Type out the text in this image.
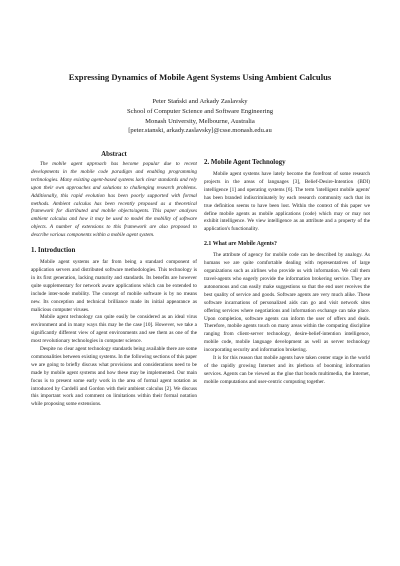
Expressing Dynamics of Mobile Agent Systems Using Ambient Calculus
Peter Stański and Arkady Zaslavsky
School of Computer Science and Software Engineering
Monash University, Melbourne, Australia
[peter.stanski, arkady.zaslavsky]@csse.monash.edu.au
Abstract

The mobile agent approach has become popular due to recent developments in the mobile code paradigm and enabling programming technologies. Many existing agent-based systems lack clear standards and rely upon their own approaches and solutions to challenging research problems. Additionally, this rapid evolution has been poorly supported with formal methods. Ambient calculus has been recently proposed as a theoretical framework for distributed and mobile objects/agents. This paper analyses ambient calculus and how it may be used to model the mobility of software objects. A number of extensions to this framework are also proposed to describe various components within a mobile agent system.

1. Introduction

Mobile agent systems are far from being a standard component of application servers and distributed software methodologies. This technology is in its first generation, lacking maturity and standards. Its benefits are however quite supplementary for network aware applications which can be extended to include inter-node mobility. The concept of mobile software is by no means new. Its conception and technical brilliance made its initial appearance as malicious computer viruses.

Mobile agent technology can quite easily be considered as an ideal virus environment and in many ways this may be the case [10]. However, we take a significantly different view of agent environments and see them as one of the most revolutionary technologies in computer science.

Despite no clear agent technology standards being available there are some commonalities between existing systems. In the following sections of this paper we are going to briefly discuss what provisions and considerations need to be made by mobile agent systems and how these may be implemented. Our main focus is to present some early work in the area of formal agent notation as introduced by Cardelli and Gordon with their ambient calculus [2]. We discuss this important work and comment on limitations within their formal notation while proposing some extensions.

2. Mobile Agent Technology

Mobile agent systems have lately become the forefront of some research projects in the areas of languages [3], Belief-Desire-Intention (BDI) intelligence [1] and operating systems [6]. The term 'intelligent mobile agents' has been branded indiscriminately by each research community such that its true definition seems to have been lost. Within the context of this paper we define mobile agents as mobile applications (code) which may or may not exhibit intelligence. We view intelligence as an attribute and a property of the application's functionality.

2.1 What are Mobile Agents?

The attribute of agency for mobile code can be described by analogy. As humans we are quite comfortable dealing with representatives of large organizations such as airlines who provide us with information. We call them travel-agents who eagerly provide the information brokering service. They are autonomous and can easily make suggestions so that the end user receives the best quality of service and goods. Software agents are very much alike. These software incarnations of personalized aids can go and visit network sites offering services where negotiations and information exchange can take place. Upon completion, software agents can inform the user of offers and deals. Therefore, mobile agents touch on many areas within the computing discipline ranging from client-server technology, desire-belief-intention intelligence, mobile code, mobile language development as well as server technology incorporating security and information brokering.

It is for this reason that mobile agents have taken center stage in the world of the rapidly growing Internet and its plethora of booming information services. Agents can be viewed as the glue that bonds multimedia, the Internet, mobile computations and user-centric computing together.
